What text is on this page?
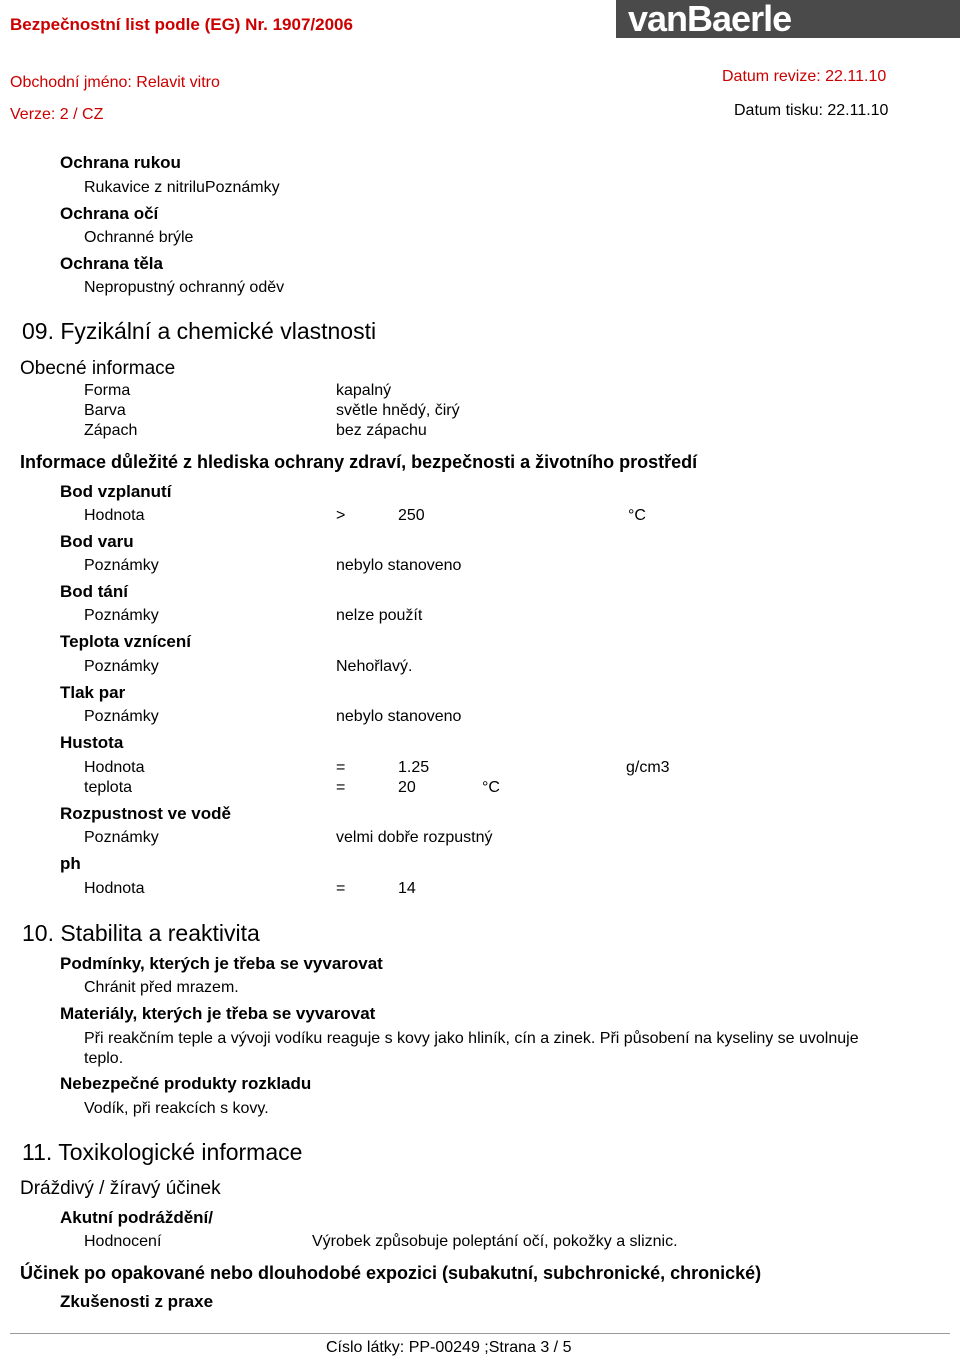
Bezpečnostní list podle (EG) Nr. 1907/2006	vanBaerle
Obchodní jméno: Relavit vitro
Verze: 2 / CZ
Datum revize: 22.11.10
Datum tisku: 22.11.10
Ochrana rukou
Rukavice z nitriluPoznámky
Ochrana očí
Ochranné brýle
Ochrana těla
Nepropustný ochranný oděv
09. Fyzikální a chemické vlastnosti
Obecné informace
Forma	kapalný
Barva	světle hnědý, čirý
Zápach	bez zápachu
Informace důležité z hlediska ochrany zdraví, bezpečnosti a životního prostředí
Bod vzplanutí
Hodnota	>	250	°C
Bod varu
Poznámky	nebylo stanoveno
Bod tání
Poznámky	nelze použít
Teplota vznícení
Poznámky	Nehořlavý.
Tlak par
Poznámky	nebylo stanoveno
Hustota
Hodnota	=	1.25	g/cm3
teplota	=	20	°C
Rozpustnost ve vodě
Poznámky	velmi dobře rozpustný
ph
Hodnota	=	14
10. Stabilita a reaktivita
Podmínky, kterých je třeba se vyvarovat
Chránit před mrazem.
Materiály, kterých je třeba se vyvarovat
Při reakčním teple a vývoji vodíku reaguje s kovy jako hliník, cín a zinek. Při působení na kyseliny se uvolnuje teplo.
Nebezpečné produkty rozkladu
Vodík, při reakcích s kovy.
11. Toxikologické informace
Dráždivý / žíravý účinek
Akutní podráždění/
Hodnocení	Výrobek způsobuje poleptání očí, pokožky a sliznic.
Účinek po opakované nebo dlouhodobé expozici (subakutní, subchronické, chronické)
Zkušenosti z praxe
Císlo látky: PP-00249 ;Strana 3 / 5
